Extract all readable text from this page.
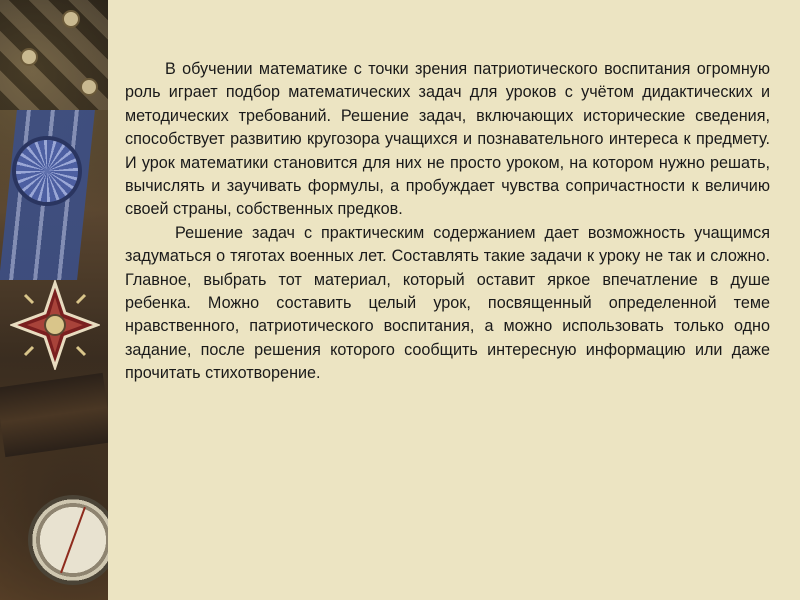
В обучении математике с точки зрения патриотического воспитания огромную роль играет подбор математических задач для уроков с учётом дидактических и методических требований. Решение задач, включающих исторические сведения, способствует развитию кругозора учащихся и познавательного интереса к предмету. И урок математики становится для них не просто уроком, на котором нужно решать, вычислять и заучивать формулы, а пробуждает чувства сопричастности к величию своей страны, собственных предков.

Решение задач с практическим содержанием дает возможность учащимся задуматься о тяготах военных лет. Составлять такие задачи к уроку не так и сложно. Главное, выбрать тот материал, который оставит яркое впечатление в душе ребенка. Можно составить целый урок, посвященный определенной теме нравственного, патриотического воспитания, а можно использовать только одно задание, после решения которого сообщить интересную информацию или даже прочитать стихотворение.
